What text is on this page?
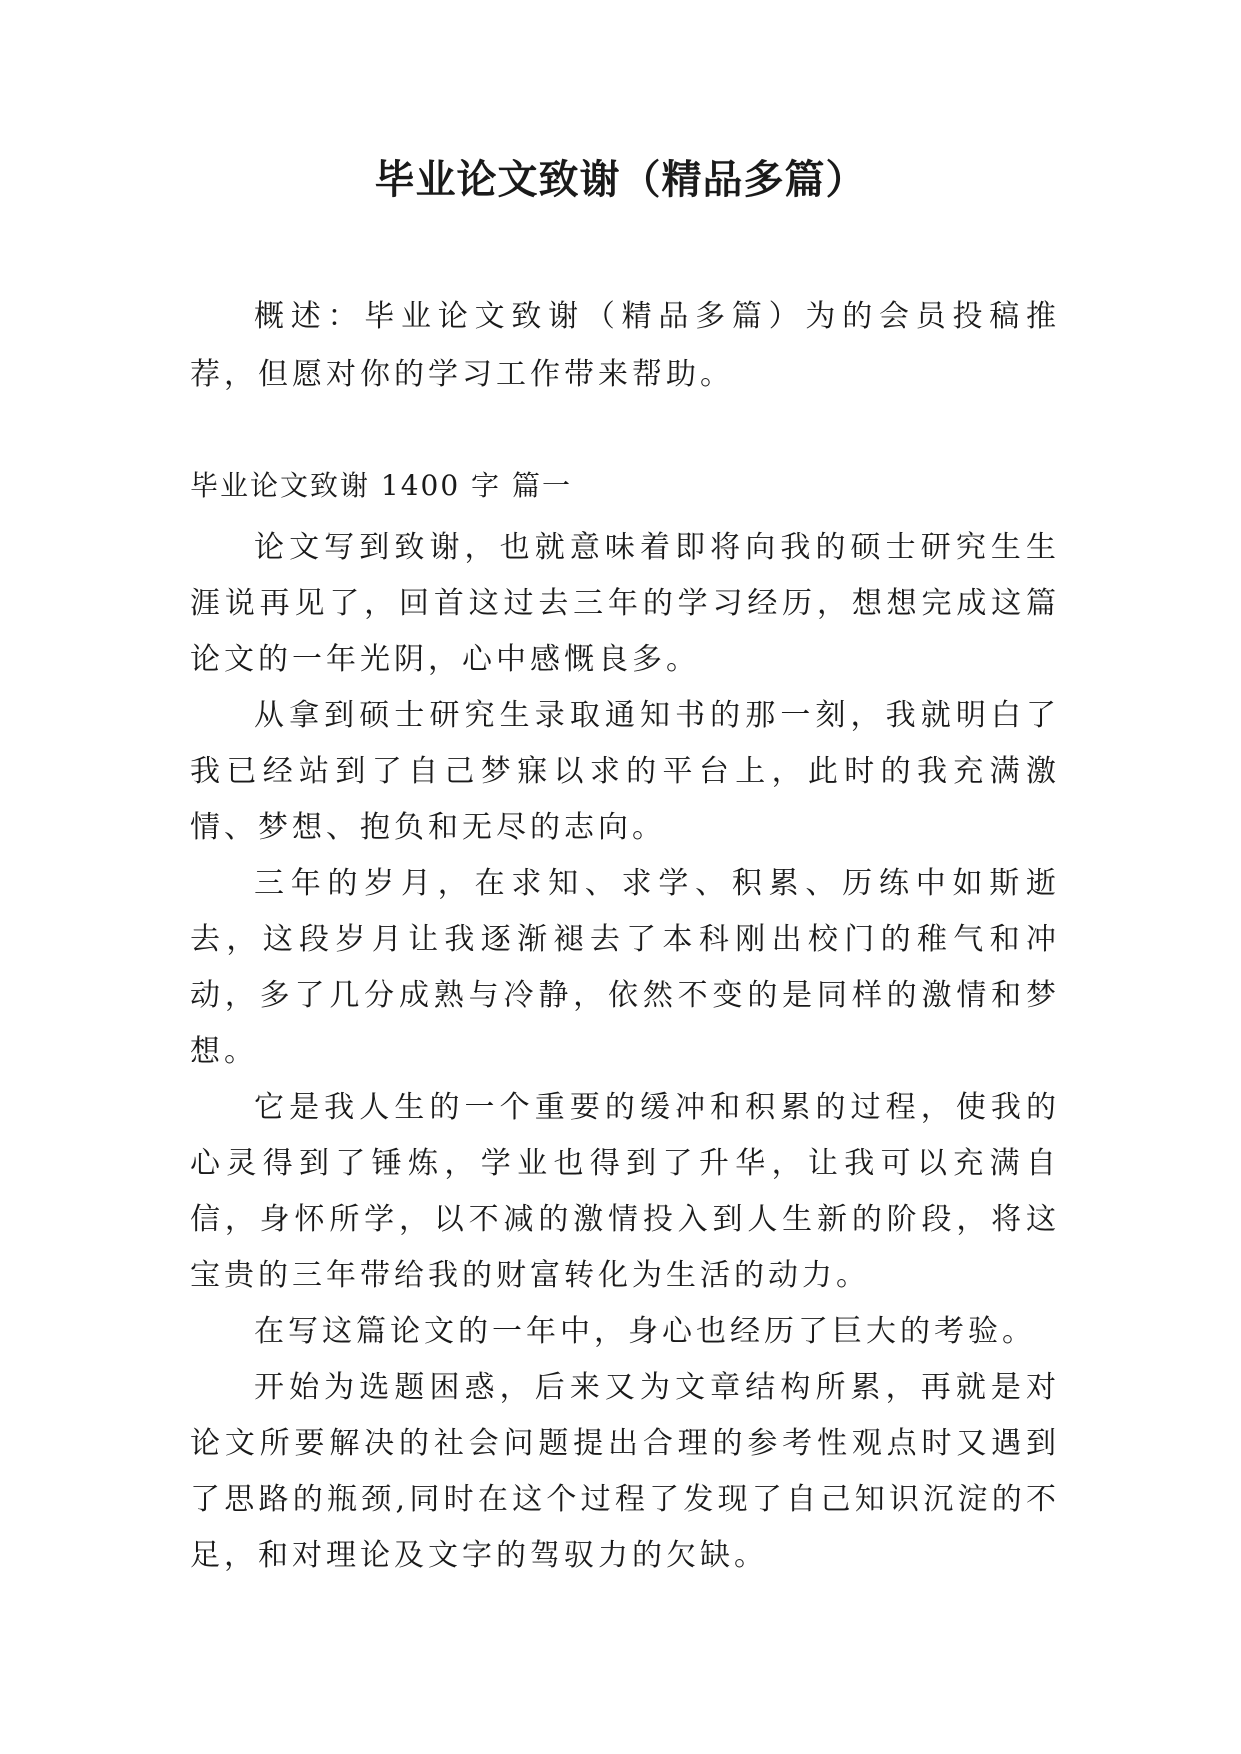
毕业论文致谢（精品多篇）

概述：毕业论文致谢（精品多篇）为的会员投稿推荐，但愿对你的学习工作带来帮助。

毕业论文致谢 1400 字 篇一

论文写到致谢，也就意味着即将向我的硕士研究生生涯说再见了，回首这过去三年的学习经历，想想完成这篇论文的一年光阴，心中感慨良多。

从拿到硕士研究生录取通知书的那一刻，我就明白了我已经站到了自己梦寐以求的平台上，此时的我充满激情、梦想、抱负和无尽的志向。

三年的岁月，在求知、求学、积累、历练中如斯逝去，这段岁月让我逐渐褪去了本科刚出校门的稚气和冲动，多了几分成熟与冷静，依然不变的是同样的激情和梦想。

它是我人生的一个重要的缓冲和积累的过程，使我的心灵得到了锤炼，学业也得到了升华，让我可以充满自信，身怀所学，以不减的激情投入到人生新的阶段，将这宝贵的三年带给我的财富转化为生活的动力。

在写这篇论文的一年中，身心也经历了巨大的考验。

开始为选题困惑，后来又为文章结构所累，再就是对论文所要解决的社会问题提出合理的参考性观点时又遇到了思路的瓶颈,同时在这个过程了发现了自己知识沉淀的不足，和对理论及文字的驾驭力的欠缺。
